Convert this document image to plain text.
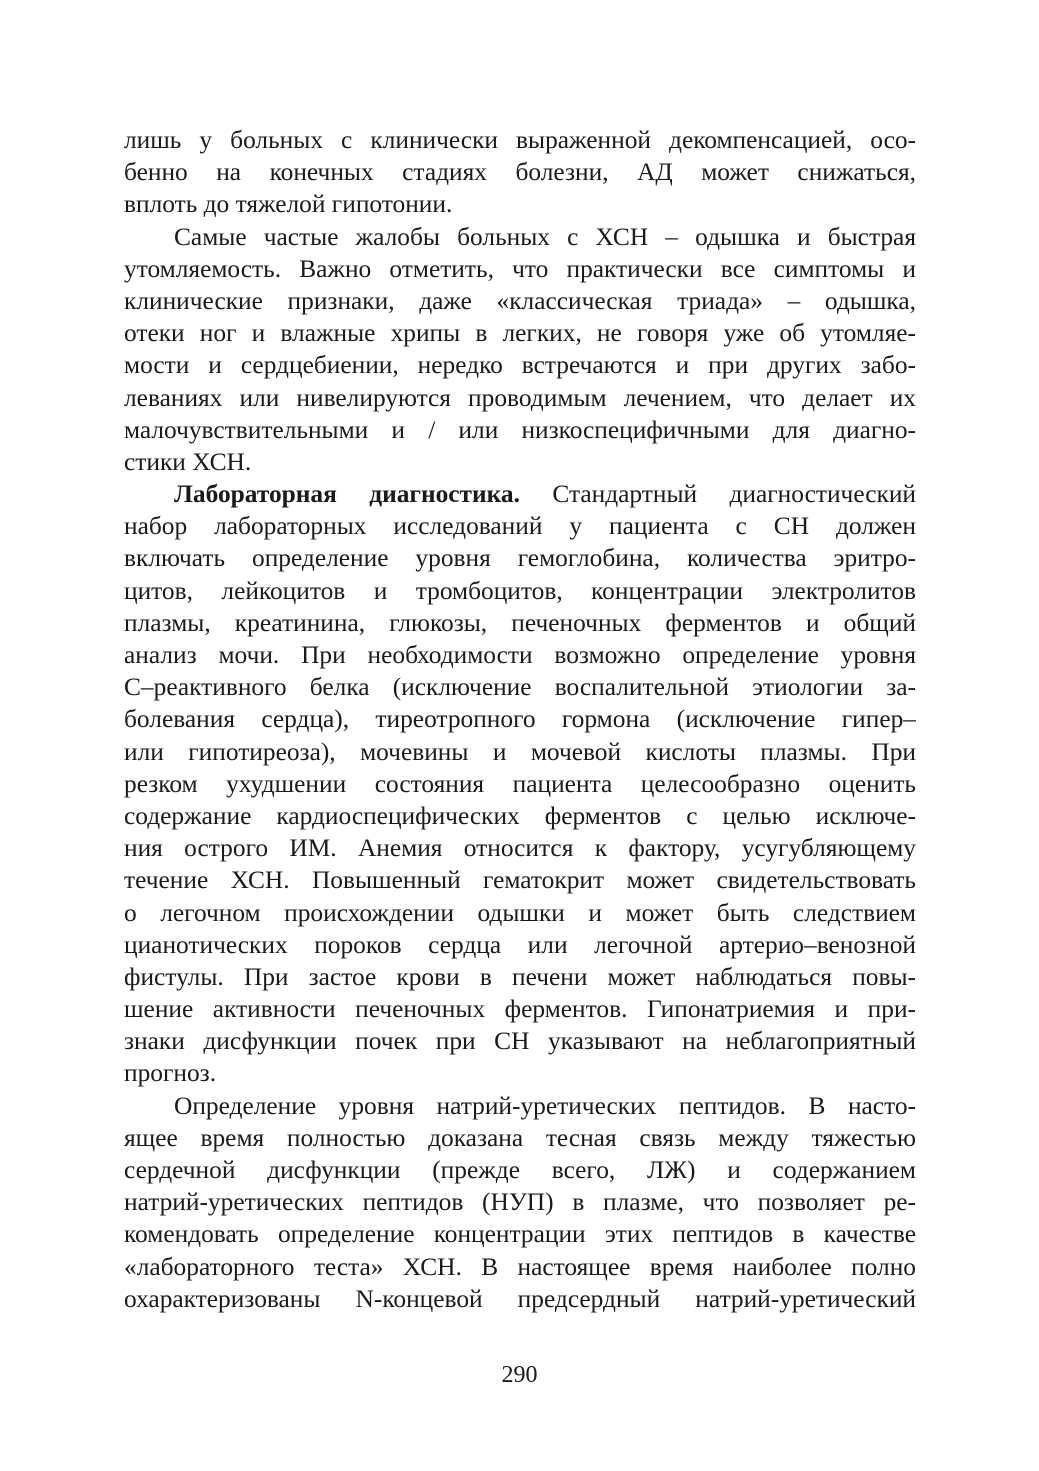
лишь у больных с клинически выраженной декомпенсацией, осо-
бенно на конечных стадиях болезни, АД может снижаться,
вплоть до тяжелой гипотонии.
Самые частые жалобы больных с ХСН – одышка и быстрая
утомляемость. Важно отметить, что практически все симптомы и
клинические признаки, даже «классическая триада» – одышка,
отеки ног и влажные хрипы в легких, не говоря уже об утомляе-
мости и сердцебиении, нередко встречаются и при других забо-
леваниях или нивелируются проводимым лечением, что делает их
малочувствительными и / или низкоспецифичными для диагно-
стики ХСН.
Лабораторная диагностика. Стандартный диагностический
набор лабораторных исследований у пациента с СН должен
включать определение уровня гемоглобина, количества эритро-
цитов, лейкоцитов и тромбоцитов, концентрации электролитов
плазмы, креатинина, глюкозы, печеночных ферментов и общий
анализ мочи. При необходимости возможно определение уровня
С–реактивного белка (исключение воспалительной этиологии за-
болевания сердца), тиреотропного гормона (исключение гипер–
или гипотиреоза), мочевины и мочевой кислоты плазмы. При
резком ухудшении состояния пациента целесообразно оценить
содержание кардиоспецифических ферментов с целью исключе-
ния острого ИМ. Анемия относится к фактору, усугубляющему
течение ХСН. Повышенный гематокрит может свидетельствовать
о легочном происхождении одышки и может быть следствием
цианотических пороков сердца или легочной артерио–венозной
фистулы. При застое крови в печени может наблюдаться повы-
шение активности печеночных ферментов. Гипонатриемия и при-
знаки дисфункции почек при СН указывают на неблагоприятный
прогноз.
Определение уровня натрий-уретических пептидов. В насто-
ящее время полностью доказана тесная связь между тяжестью
сердечной дисфункции (прежде всего, ЛЖ) и содержанием
натрий-уретических пептидов (НУП) в плазме, что позволяет ре-
комендовать определение концентрации этих пептидов в качестве
«лабораторного теста» ХСН. В настоящее время наиболее полно
охарактеризованы N-концевой предсердный натрий-уретический
290
